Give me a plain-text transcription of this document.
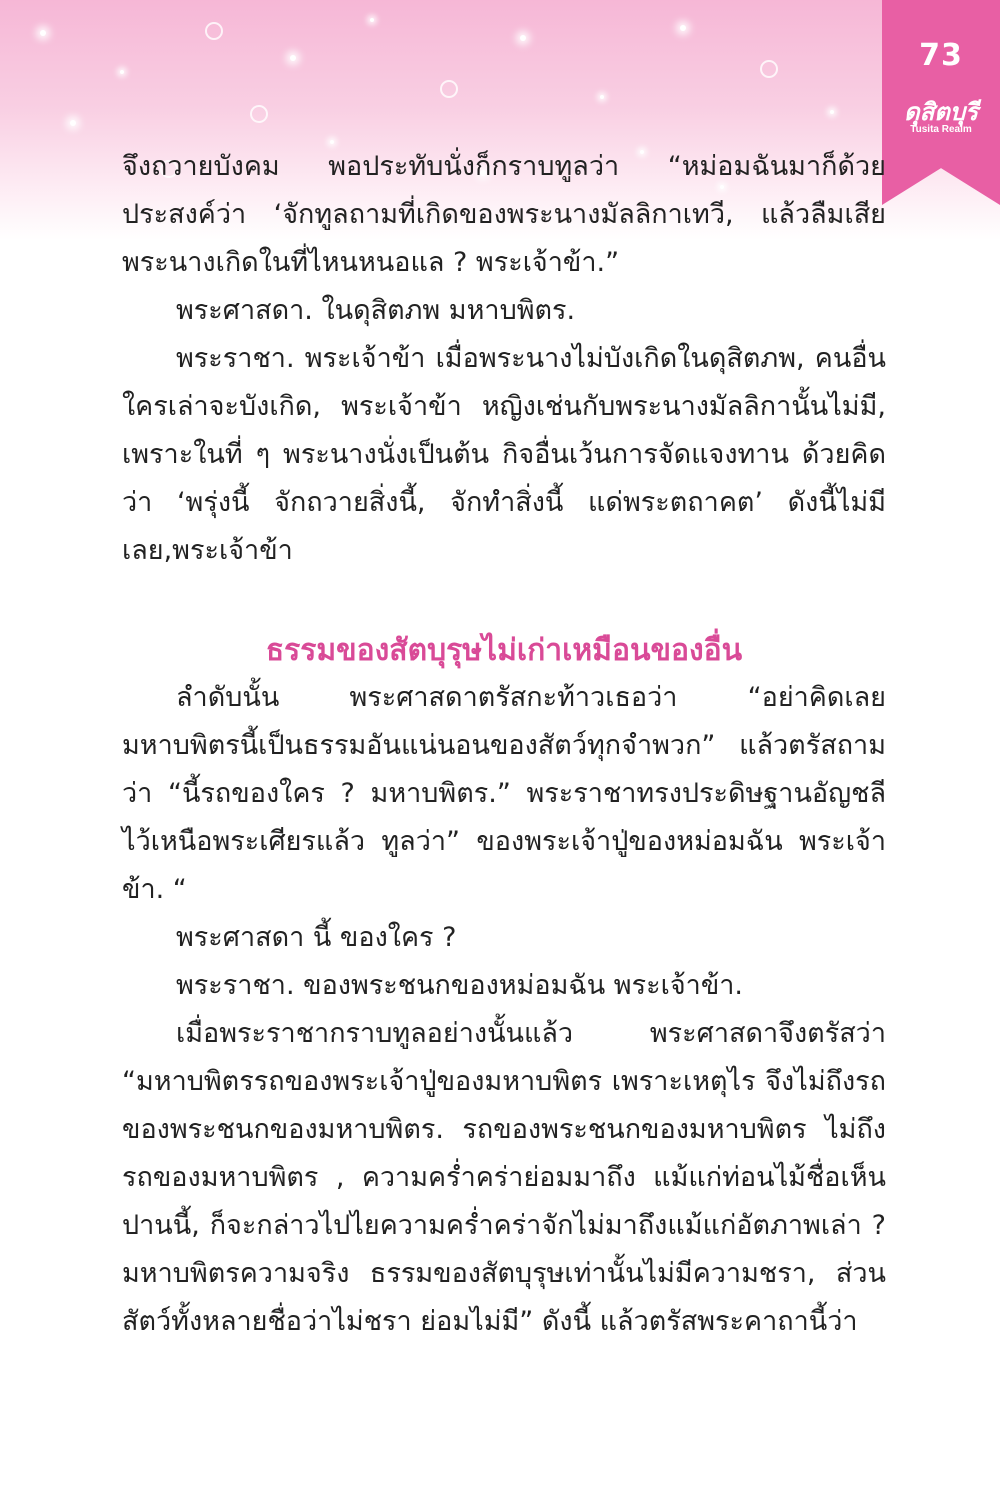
73
ดุสิตบุรี
Tusita Realm

จึงถวายบังคม พอประทับนั่งก็กราบทูลว่า “หม่อมฉันมาก็ด้วยประสงค์ว่า ‘จักทูลถามที่เกิดของพระนางมัลลิกาเทวี, แล้วลืมเสีย พระนางเกิดในที่ไหนหนอแล ? พระเจ้าข้า.”

พระศาสดา. ในดุสิตภพ มหาบพิตร.

พระราชา. พระเจ้าข้า เมื่อพระนางไม่บังเกิดในดุสิตภพ, คนอื่นใครเล่าจะบังเกิด, พระเจ้าข้า หญิงเช่นกับพระนางมัลลิกานั้นไม่มี, เพราะในที่ ๆ พระนางนั่งเป็นต้น กิจอื่นเว้นการจัดแจงทาน ด้วยคิดว่า ‘พรุ่งนี้ จักถวายสิ่งนี้, จักทำสิ่งนี้ แด่พระตถาคต’ ดังนี้ไม่มีเลย,พระเจ้าข้า

ธรรมของสัตบุรุษไม่เก่าเหมือนของอื่น

ลำดับนั้น พระศาสดาตรัสกะท้าวเธอว่า “อย่าคิดเลย มหาบพิตรนี้เป็นธรรมอันแน่นอนของสัตว์ทุกจำพวก” แล้วตรัสถามว่า “นี้รถของใคร ? มหาบพิตร.” พระราชาทรงประดิษฐานอัญชลีไว้เหนือพระเศียรแล้ว ทูลว่า” ของพระเจ้าปู่ของหม่อมฉัน พระเจ้าข้า. “

พระศาสดา นี้ ของใคร ?

พระราชา. ของพระชนกของหม่อมฉัน พระเจ้าข้า.

เมื่อพระราชากราบทูลอย่างนั้นแล้ว พระศาสดาจึงตรัสว่า “มหาบพิตรรถของพระเจ้าปู่ของมหาบพิตร เพราะเหตุไร จึงไม่ถึงรถของพระชนกของมหาบพิตร. รถของพระชนกของมหาบพิตร ไม่ถึงรถของมหาบพิตร , ความคร่ำคร่าย่อมมาถึง แม้แก่ท่อนไม้ชื่อเห็นปานนี้, ก็จะกล่าวไปไยความคร่ำคร่าจักไม่มาถึงแม้แก่อัตภาพเล่า ? มหาบพิตรความจริง ธรรมของสัตบุรุษเท่านั้นไม่มีความชรา, ส่วนสัตว์ทั้งหลายชื่อว่าไม่ชรา ย่อมไม่มี” ดังนี้ แล้วตรัสพระคาถานี้ว่า
